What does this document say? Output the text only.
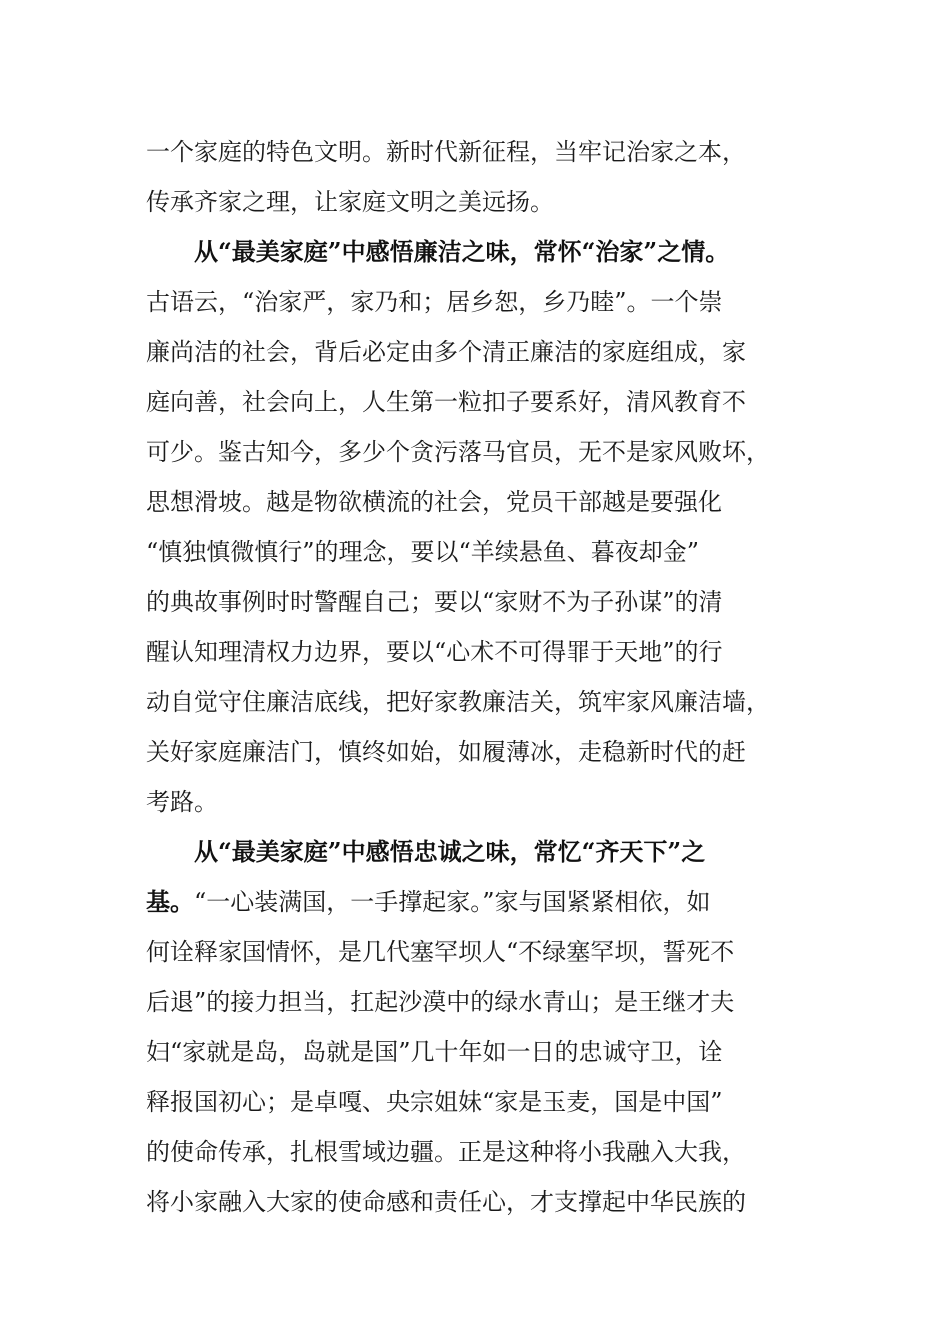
一个家庭的特色文明。新时代新征程，当牢记治家之本，
传承齐家之理，让家庭文明之美远扬。
从“最美家庭”中感悟廉洁之味，常怀“治家”之情。
古语云，“治家严，家乃和；居乡恕，乡乃睦”。一个崇
廉尚洁的社会，背后必定由多个清正廉洁的家庭组成，家
庭向善，社会向上，人生第一粒扣子要系好，清风教育不
可少。鉴古知今，多少个贪污落马官员，无不是家风败坏，
思想滑坡。越是物欲横流的社会，党员干部越是要强化
“慎独慎微慎行”的理念，要以“羊续悬鱼、暮夜却金”
的典故事例时时警醒自己；要以“家财不为子孙谋”的清
醒认知理清权力边界，要以“心术不可得罪于天地”的行
动自觉守住廉洁底线，把好家教廉洁关，筑牢家风廉洁墙，
关好家庭廉洁门，慎终如始，如履薄冰，走稳新时代的赶
考路。
从“最美家庭”中感悟忠诚之味，常忆“齐天下”之
基。“一心装满国，一手撑起家。”家与国紧紧相依，如
何诠释家国情怀，是几代塞罕坝人“不绿塞罕坝，誓死不
后退”的接力担当，扛起沙漠中的绿水青山；是王继才夫
妇“家就是岛，岛就是国”几十年如一日的忠诚守卫，诠
释报国初心；是卓嘎、央宗姐妹“家是玉麦，国是中国”
的使命传承，扎根雪域边疆。正是这种将小我融入大我，
将小家融入大家的使命感和责任心，才支撑起中华民族的
